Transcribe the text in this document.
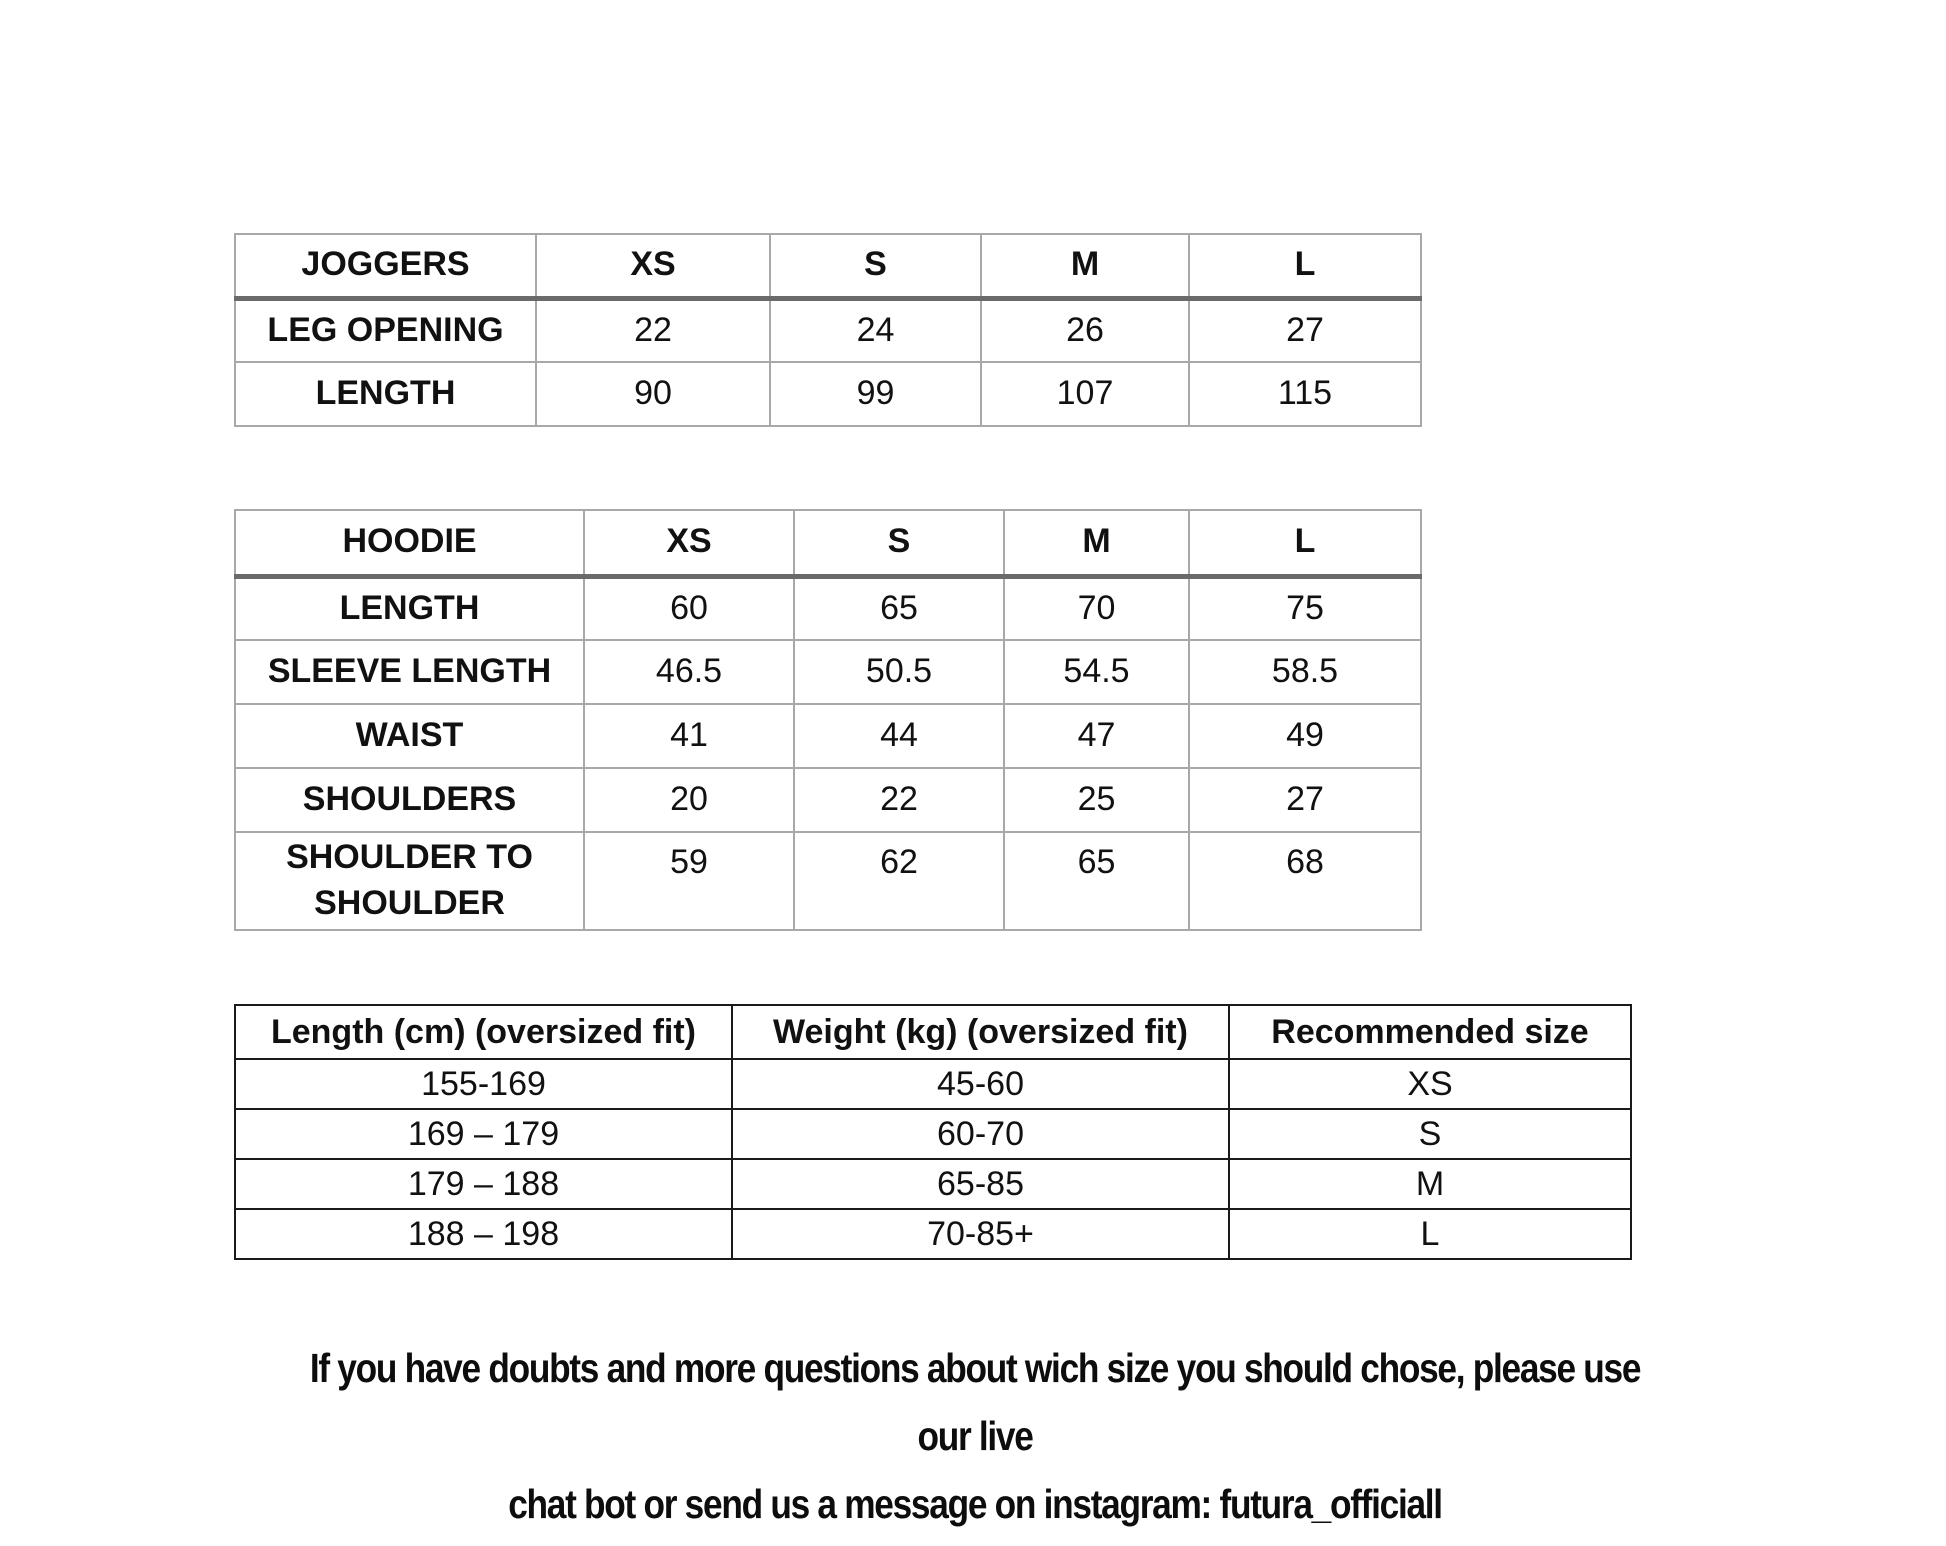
JOGGERS	XS	S	M	L
LEG OPENING	22	24	26	27
LENGTH	90	99	107	115
HOODIE	XS	S	M	L
LENGTH	60	65	70	75
SLEEVE LENGTH	46.5	50.5	54.5	58.5
WAIST	41	44	47	49
SHOULDERS	20	22	25	27
SHOULDER TO
SHOULDER	59	62	65	68
Length (cm) (oversized fit)	Weight (kg) (oversized fit)	Recommended size
155-169	45-60	XS
169 – 179	60-70	S
179 – 188	65-85	M
188 – 198	70-85+	L
If you have doubts and more questions about wich size you should chose, please use our live
chat bot or send us a message on instagram: futura_officiall
